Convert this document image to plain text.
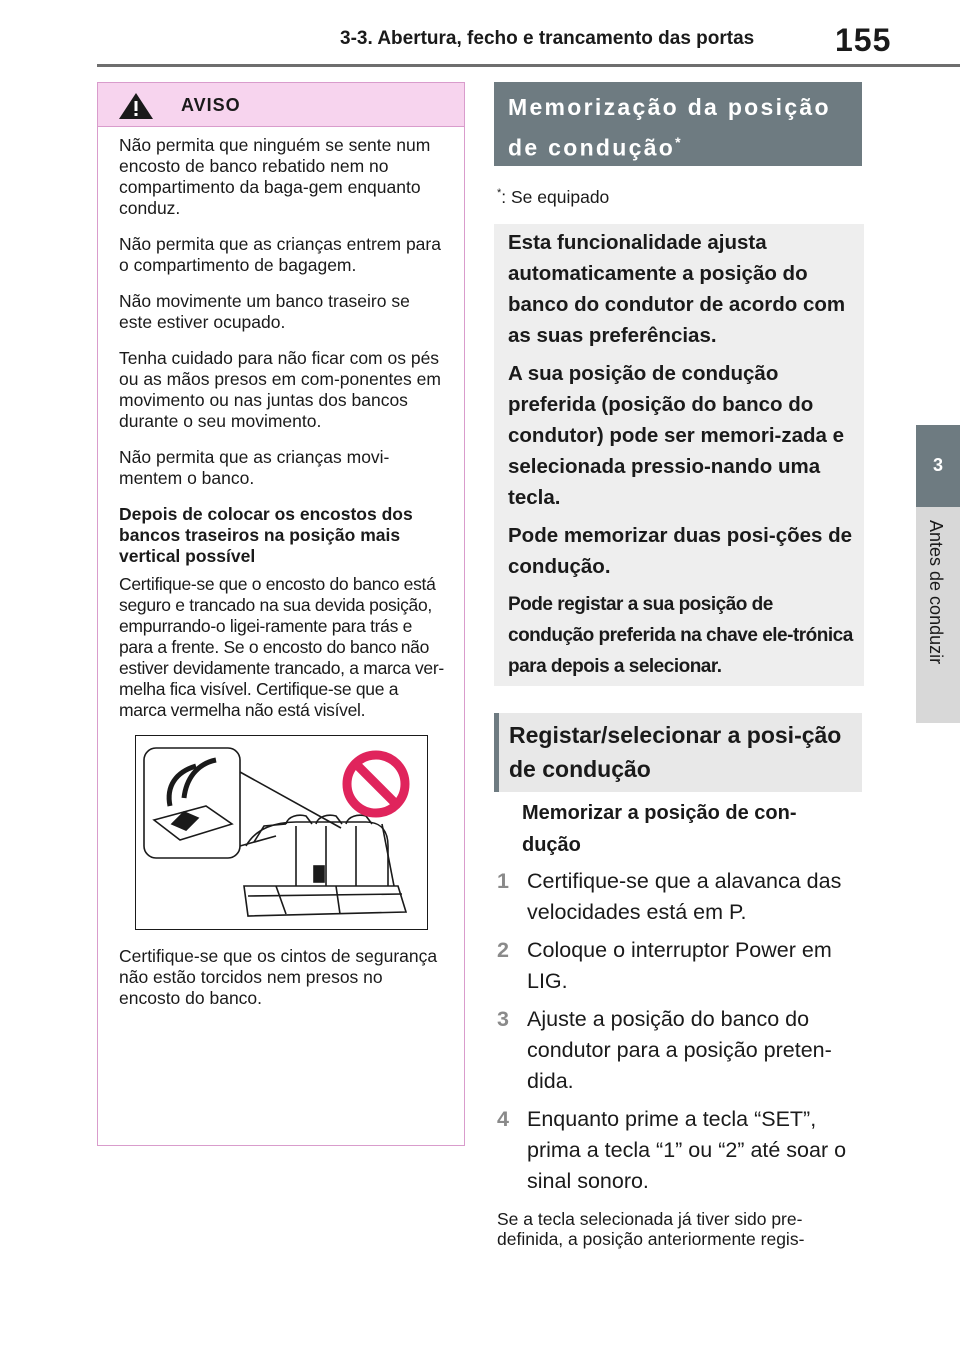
3-3. Abertura, fecho e trancamento das portas	155
3
Antes de conduzir
AVISO

Não permita que ninguém se sente num encosto de banco rebatido nem no compartimento da baga-gem enquanto conduz.

Não permita que as crianças entrem para o compartimento de bagagem.

Não movimente um banco traseiro se este estiver ocupado.

Tenha cuidado para não ficar com os pés ou as mãos presos em com-ponentes em movimento ou nas juntas dos bancos durante o seu movimento.

Não permita que as crianças movi-mentem o banco.

Depois de colocar os encostos dos bancos traseiros na posição mais vertical possível

Certifique-se que o encosto do banco está seguro e trancado na sua devida posição, empurrando-o ligei-ramente para trás e para a frente. Se o encosto do banco não estiver devidamente trancado, a marca ver-melha fica visível. Certifique-se que a marca vermelha não está visível.

Certifique-se que os cintos de segurança não estão torcidos nem presos no encosto do banco.

Memorização da posição de condução*
*: Se equipado

Esta funcionalidade ajusta automaticamente a posição do banco do condutor de acordo com as suas preferências.

A sua posição de condução preferida (posição do banco do condutor) pode ser memori-zada e selecionada pressio-nando uma tecla.

Pode memorizar duas posi-ções de condução.

Pode registar a sua posição de condução preferida na chave ele-trónica para depois a selecionar.

Registar/selecionar a posi-ção de condução
Memorizar a posição de con-dução
1 Certifique-se que a alavanca das velocidades está em P.
2 Coloque o interruptor Power em LIG.
3 Ajuste a posição do banco do condutor para a posição preten-dida.
4 Enquanto prime a tecla “SET”, prima a tecla “1” ou “2” até soar o sinal sonoro.
Se a tecla selecionada já tiver sido pre-definida, a posição anteriormente regis-
